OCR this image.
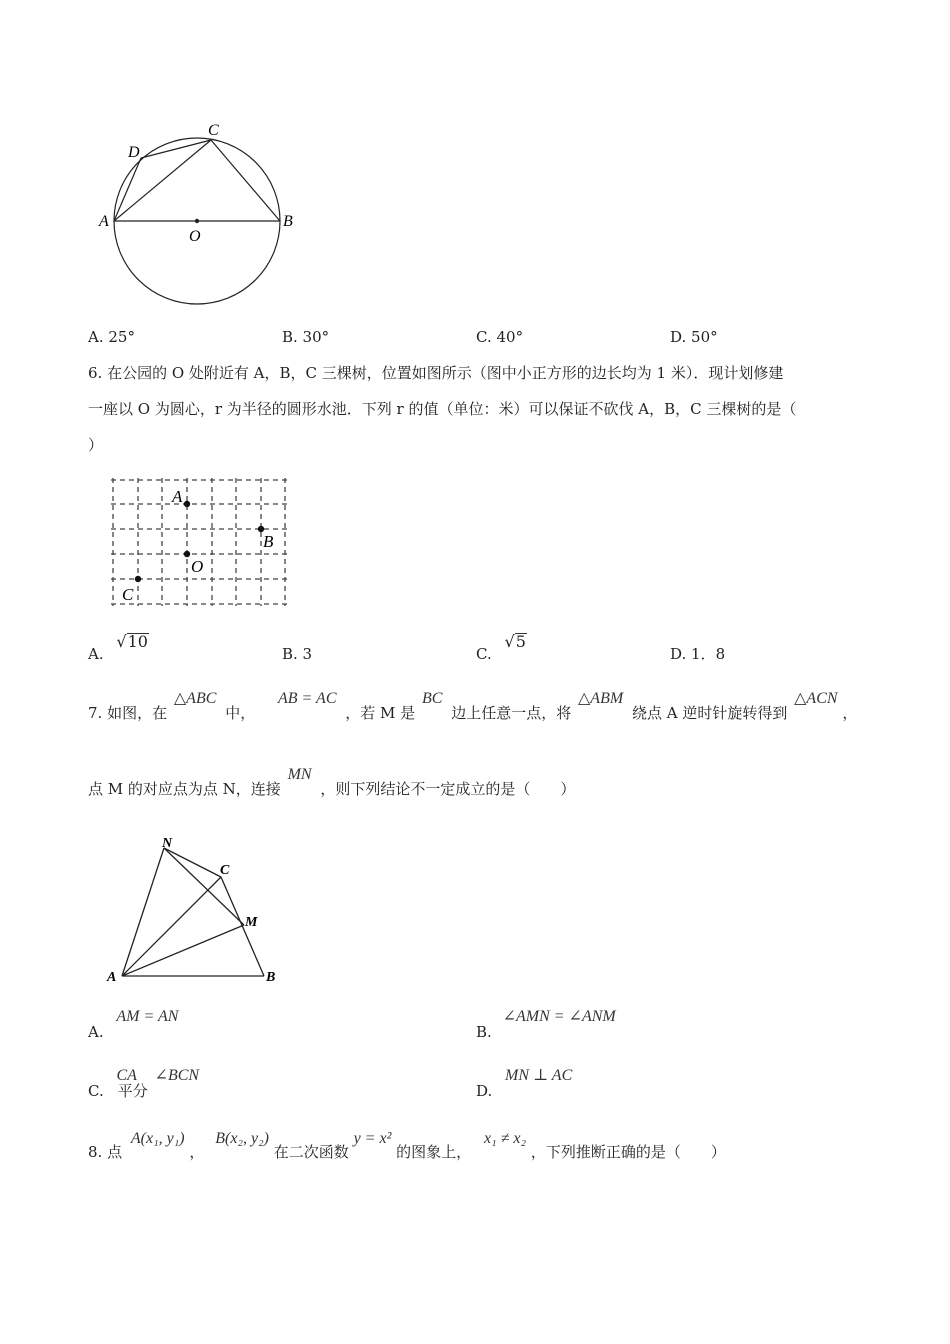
A	B
C
D
O
A. 25°	B. 30°	C. 40°	D. 50°
6. 在公园的 O 处附近有 A，B，C 三棵树，位置如图所示（图中小正方形的边长均为 1 米）．现计划修建
一座以 O 为圆心，r 为半径的圆形水池．下列 r 的值（单位：米）可以保证不砍伐 A，B，C 三棵树的是（
）
A
B
O
C
A. √10
B. 3	C. √5
D. 1．8
7. 如图，在 △ABC 中， AB = AC ，若 M 是 BC 边上任意一点，将 △ABM 绕点 A 逆时针旋转得到 △ACN ，
点 M 的对应点为点 N，连接 MN ，则下列结论不一定成立的是（　　）
N
C
M
A	B
A. AM = AN
B. ∠AMN = ∠ANM
C. CA 平分 ∠BCN
D. MN ⊥ AC
8. 点 A(x₁, y₁) ， B(x₂, y₂) 在二次函数 y = x² 的图象上， x₁ ≠ x₂ ，下列推断正确的是（　　）
